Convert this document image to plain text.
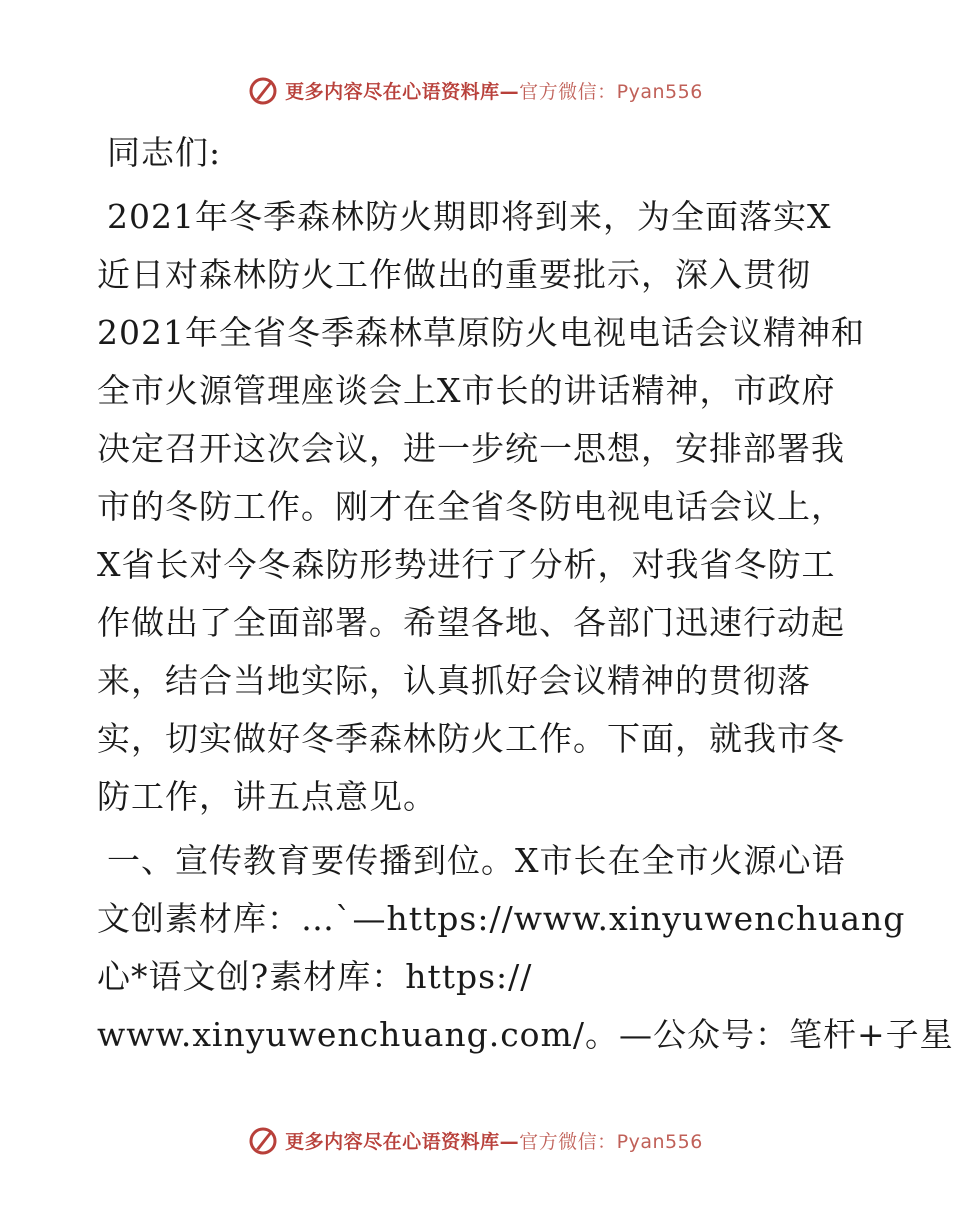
更多内容尽在心语资料库—官方微信：Pyan556
同志们:
2021年冬季森林防火期即将到来，为全面落实X
近日对森林防火工作做出的重要批示，深入贯彻
2021年全省冬季森林草原防火电视电话会议精神和
全市火源管理座谈会上X市长的讲话精神，市政府
决定召开这次会议，进一步统一思想，安排部署我
市的冬防工作。刚才在全省冬防电视电话会议上，
X省长对今冬森防形势进行了分析，对我省冬防工
作做出了全面部署。希望各地、各部门迅速行动起
来，结合当地实际，认真抓好会议精神的贯彻落
实，切实做好冬季森林防火工作。下面，就我市冬
防工作，讲五点意见。
一、宣传教育要传播到位。X市长在全市火源心语
文创素材库：…`—https://www.xinyuwenchuang
心*语文创?素材库：https://
www.xinyuwenchuang.com/。—公众号：笔杆+子星
更多内容尽在心语资料库—官方微信：Pyan556
